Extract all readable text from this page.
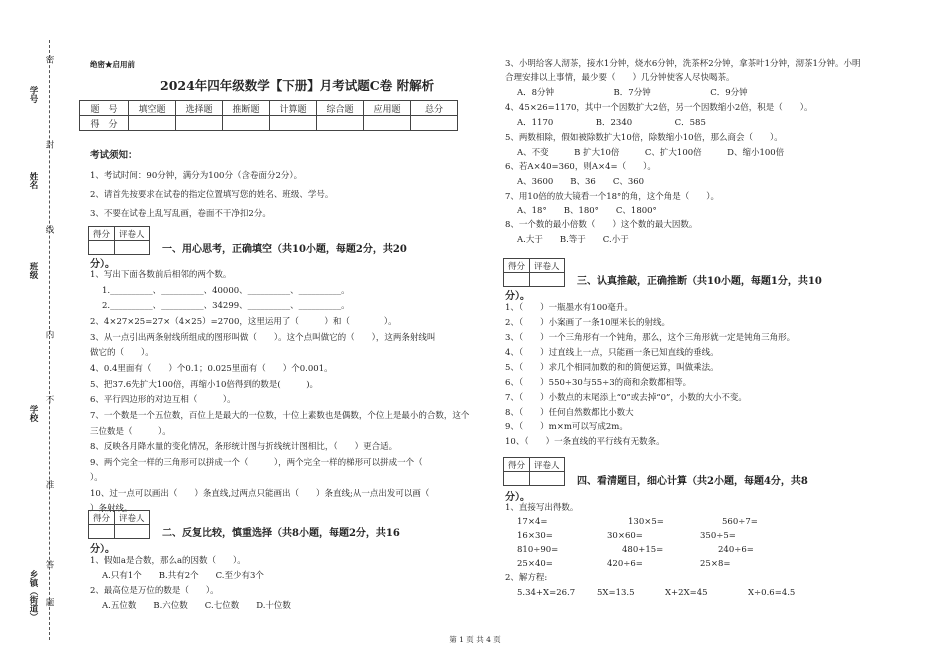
学号
姓名
班级
学校
乡镇（街道）
密
封
线
内
不
准
答
题
绝密★启用前
2024年四年级数学【下册】月考试题C卷 附解析
题　号	填空题	选择题	推断题	计算题	综合题	应用题	总分
得　分							
考试须知：
1、考试时间：90分钟，满分为100分（含卷面分2分）。
2、请首先按要求在试卷的指定位置填写您的姓名、班级、学号。
3、不要在试卷上乱写乱画，卷面不干净扣2分。
得分	评卷人

一、用心思考，正确填空（共10小题，每题2分，共20
分）。
1、写出下面各数前后相邻的两个数。
1.__________、__________、40000、__________、__________。
2.__________、__________、34299、__________、__________。
2、4×27×25=27×（4×25）=2700，这里运用了（　　　）和（　　　　）。
3、从一点引出两条射线所组成的图形叫做（　　）。这个点叫做它的（　　），这两条射线叫
做它的（　　）。
4、0.4里面有（　　）个0.1；0.025里面有（　　）个0.001。
5、把37.6先扩大100倍，再缩小10倍得到的数是(　　　)。
6、平行四边形的对边互相（　　　）。
7、一个数是一个五位数，百位上是最大的一位数，十位上素数也是偶数，个位上是最小的合数，这个
三位数是（　　　）。
8、反映各月降水量的变化情况，条形统计图与折线统计图相比，（　　）更合适。
9、两个完全一样的三角形可以拼成一个（　　　），两个完全一样的梯形可以拼成一个（　　
）。
10、过一点可以画出（　　）条直线,过两点只能画出（　　）条直线;从一点出发可以画（　
）条射线。
得分	评卷人

二、反复比较，慎重选择（共8小题，每题2分，共16
分）。
1、假如a是合数，那么a的因数（　　）。
A.只有1个　　B.共有2个　　C.至少有3个
2、最高位是万位的数是（　　）。
A.五位数　　B.六位数　　C.七位数　　D.十位数
3、小明给客人沏茶，接水1分钟，烧水6分钟，洗茶杯2分钟，拿茶叶1分钟，沏茶1分钟。小明
合理安排以上事情，最少要（　　）几分钟使客人尽快喝茶。
A．8分钟　　　　　　　B．7分钟　　　　　　　C．9分钟
4、45×26=1170，其中一个因数扩大2倍，另一个因数缩小2倍，积是（　　）。
A．1170　　　　　B．2340　　　　　C．585
5、两数相除，假如被除数扩大10倍，除数缩小10倍，那么商会（　　）。
A、不变　　　B 扩大10倍　　　C、扩大100倍　　　D、缩小100倍
6、若A×40=360，则A×4=（　　）。
A、3600　　B、36　　C、360
7、用10倍的放大镜看一个18°的角，这个角是（　　）。
A、18°　　B、180°　　C、1800°
8、一个数的最小倍数（　　）这个数的最大因数。
A.大于　　B.等于　　C.小于
得分	评卷人

三、认真推敲，正确推断（共10小题，每题1分，共10
分）。
1、（　　）一瓶墨水有100毫升。
2、（　　）小案画了一条10厘米长的射线。
3、（　　）一个三角形有一个钝角，那么，这个三角形就一定是钝角三角形。
4、（　　）过直线上一点，只能画一条已知直线的垂线。
5、（　　）求几个相同加数的和的简便运算，叫做乘法。
6、（　　）550÷30与55÷3的商和余数都相等。
7、（　　）小数点的末尾添上“0”或去掉“0”，小数的大小不变。
8、（　　）任何自然数都比小数大
9、（　　）m×m可以写成2m。
10、（　　）一条直线的平行线有无数条。
得分	评卷人

四、看清题目，细心计算（共2小题，每题4分，共8
分）。
1、直接写出得数。
17×4=	130×5=	560÷7=
16×30=	30×60=	350÷5=
810÷90=	480+15=	240÷6=
25×40=	420÷6=	25×8=
2、解方程:
5.34+X=26.7	5X=13.5	X+2X=45	X÷0.6=4.5
第 1 页 共 4 页
